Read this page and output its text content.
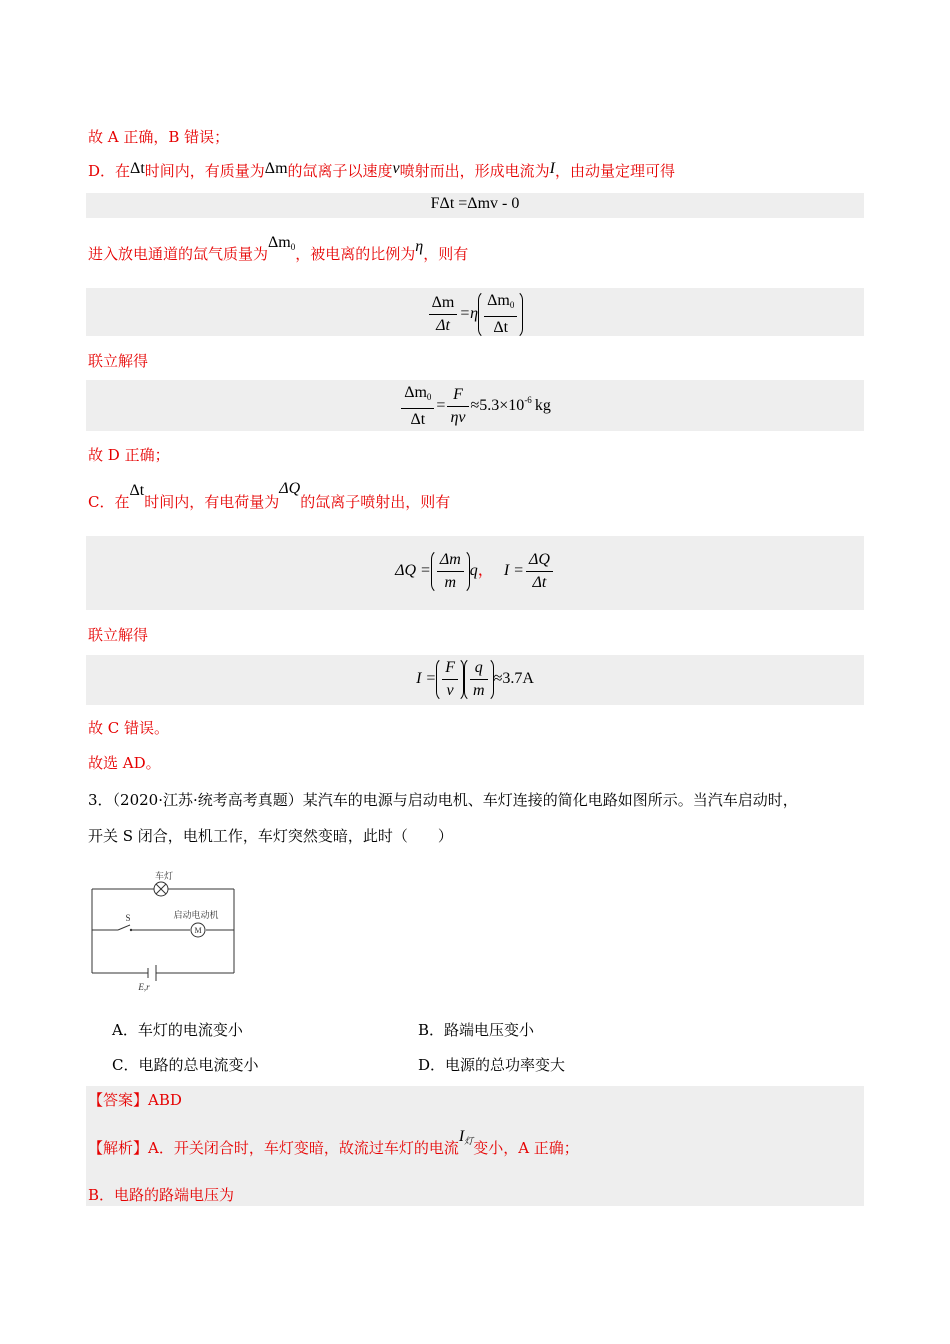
故 A 正确，B 错误；
D．在Δt时间内，有质量为Δm的氙离子以速度v喷射而出，形成电流为I，由动量定理可得
FΔt =Δmv - 0
进入放电通道的氙气质量为$\Delta m_0$，被电离的比例为η，则有
$\frac{\Delta m}{\Delta t} =\eta \frac{\Delta m_0}{\Delta t}$
联立解得
$\frac{\Delta m_0}{\Delta t} = \frac{F}{\eta v} \approx 5.3\times 10^{-6}$ kg
故 D 正确；
C．在Δt时间内，有电荷量为ΔQ的氙离子喷射出，则有
$\Delta Q = \frac{\Delta m}{m}$ q， $I = \frac{\Delta Q}{\Delta t}$
联立解得
$I = \frac{F}{v} \frac{q}{m} \approx 3.7A$
故 C 错误。
故选 AD。
3．（2020·江苏·统考高考真题）某汽车的电源与启动电机、车灯连接的简化电路如图所示。当汽车启动时，
开关 S 闭合，电机工作，车灯突然变暗，此时（　　）
车灯
S	启动电动机
M
E,r
A．车灯的电流变小	B．路端电压变小
C．电路的总电流变小	D．电源的总功率变大
【答案】ABD
【解析】A．开关闭合时，车灯变暗，故流过车灯的电流$I_灯$变小，A 正确；
B．电路的路端电压为
